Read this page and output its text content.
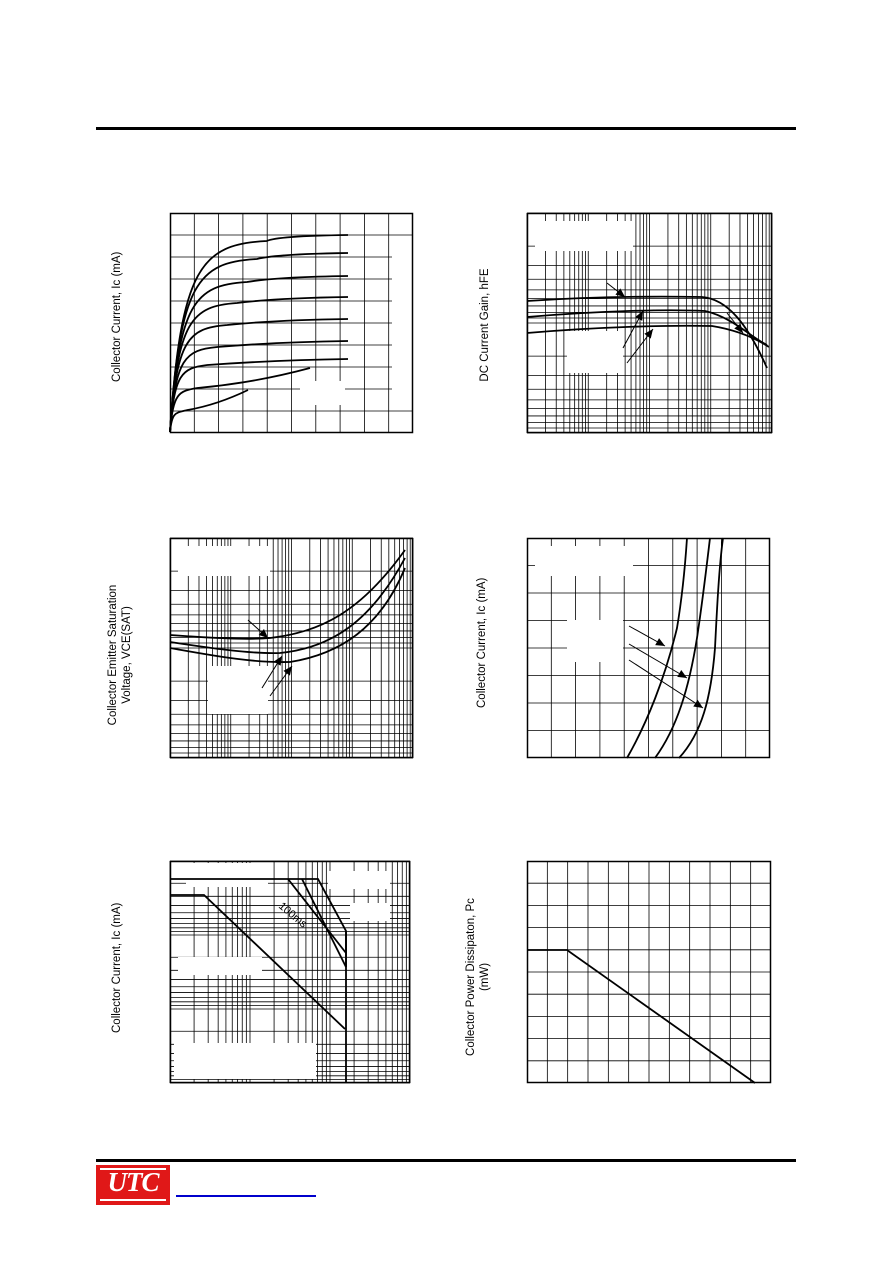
Collector Current, Ic (mA)	DC Current Gain, hFE
Collector Emitter Saturation Voltage, VCE(SAT)	Collector Current, Ic (mA)
Collector Current, Ic (mA)	100ms	Collector Power Dissipaton, Pc (mW)
UTC
